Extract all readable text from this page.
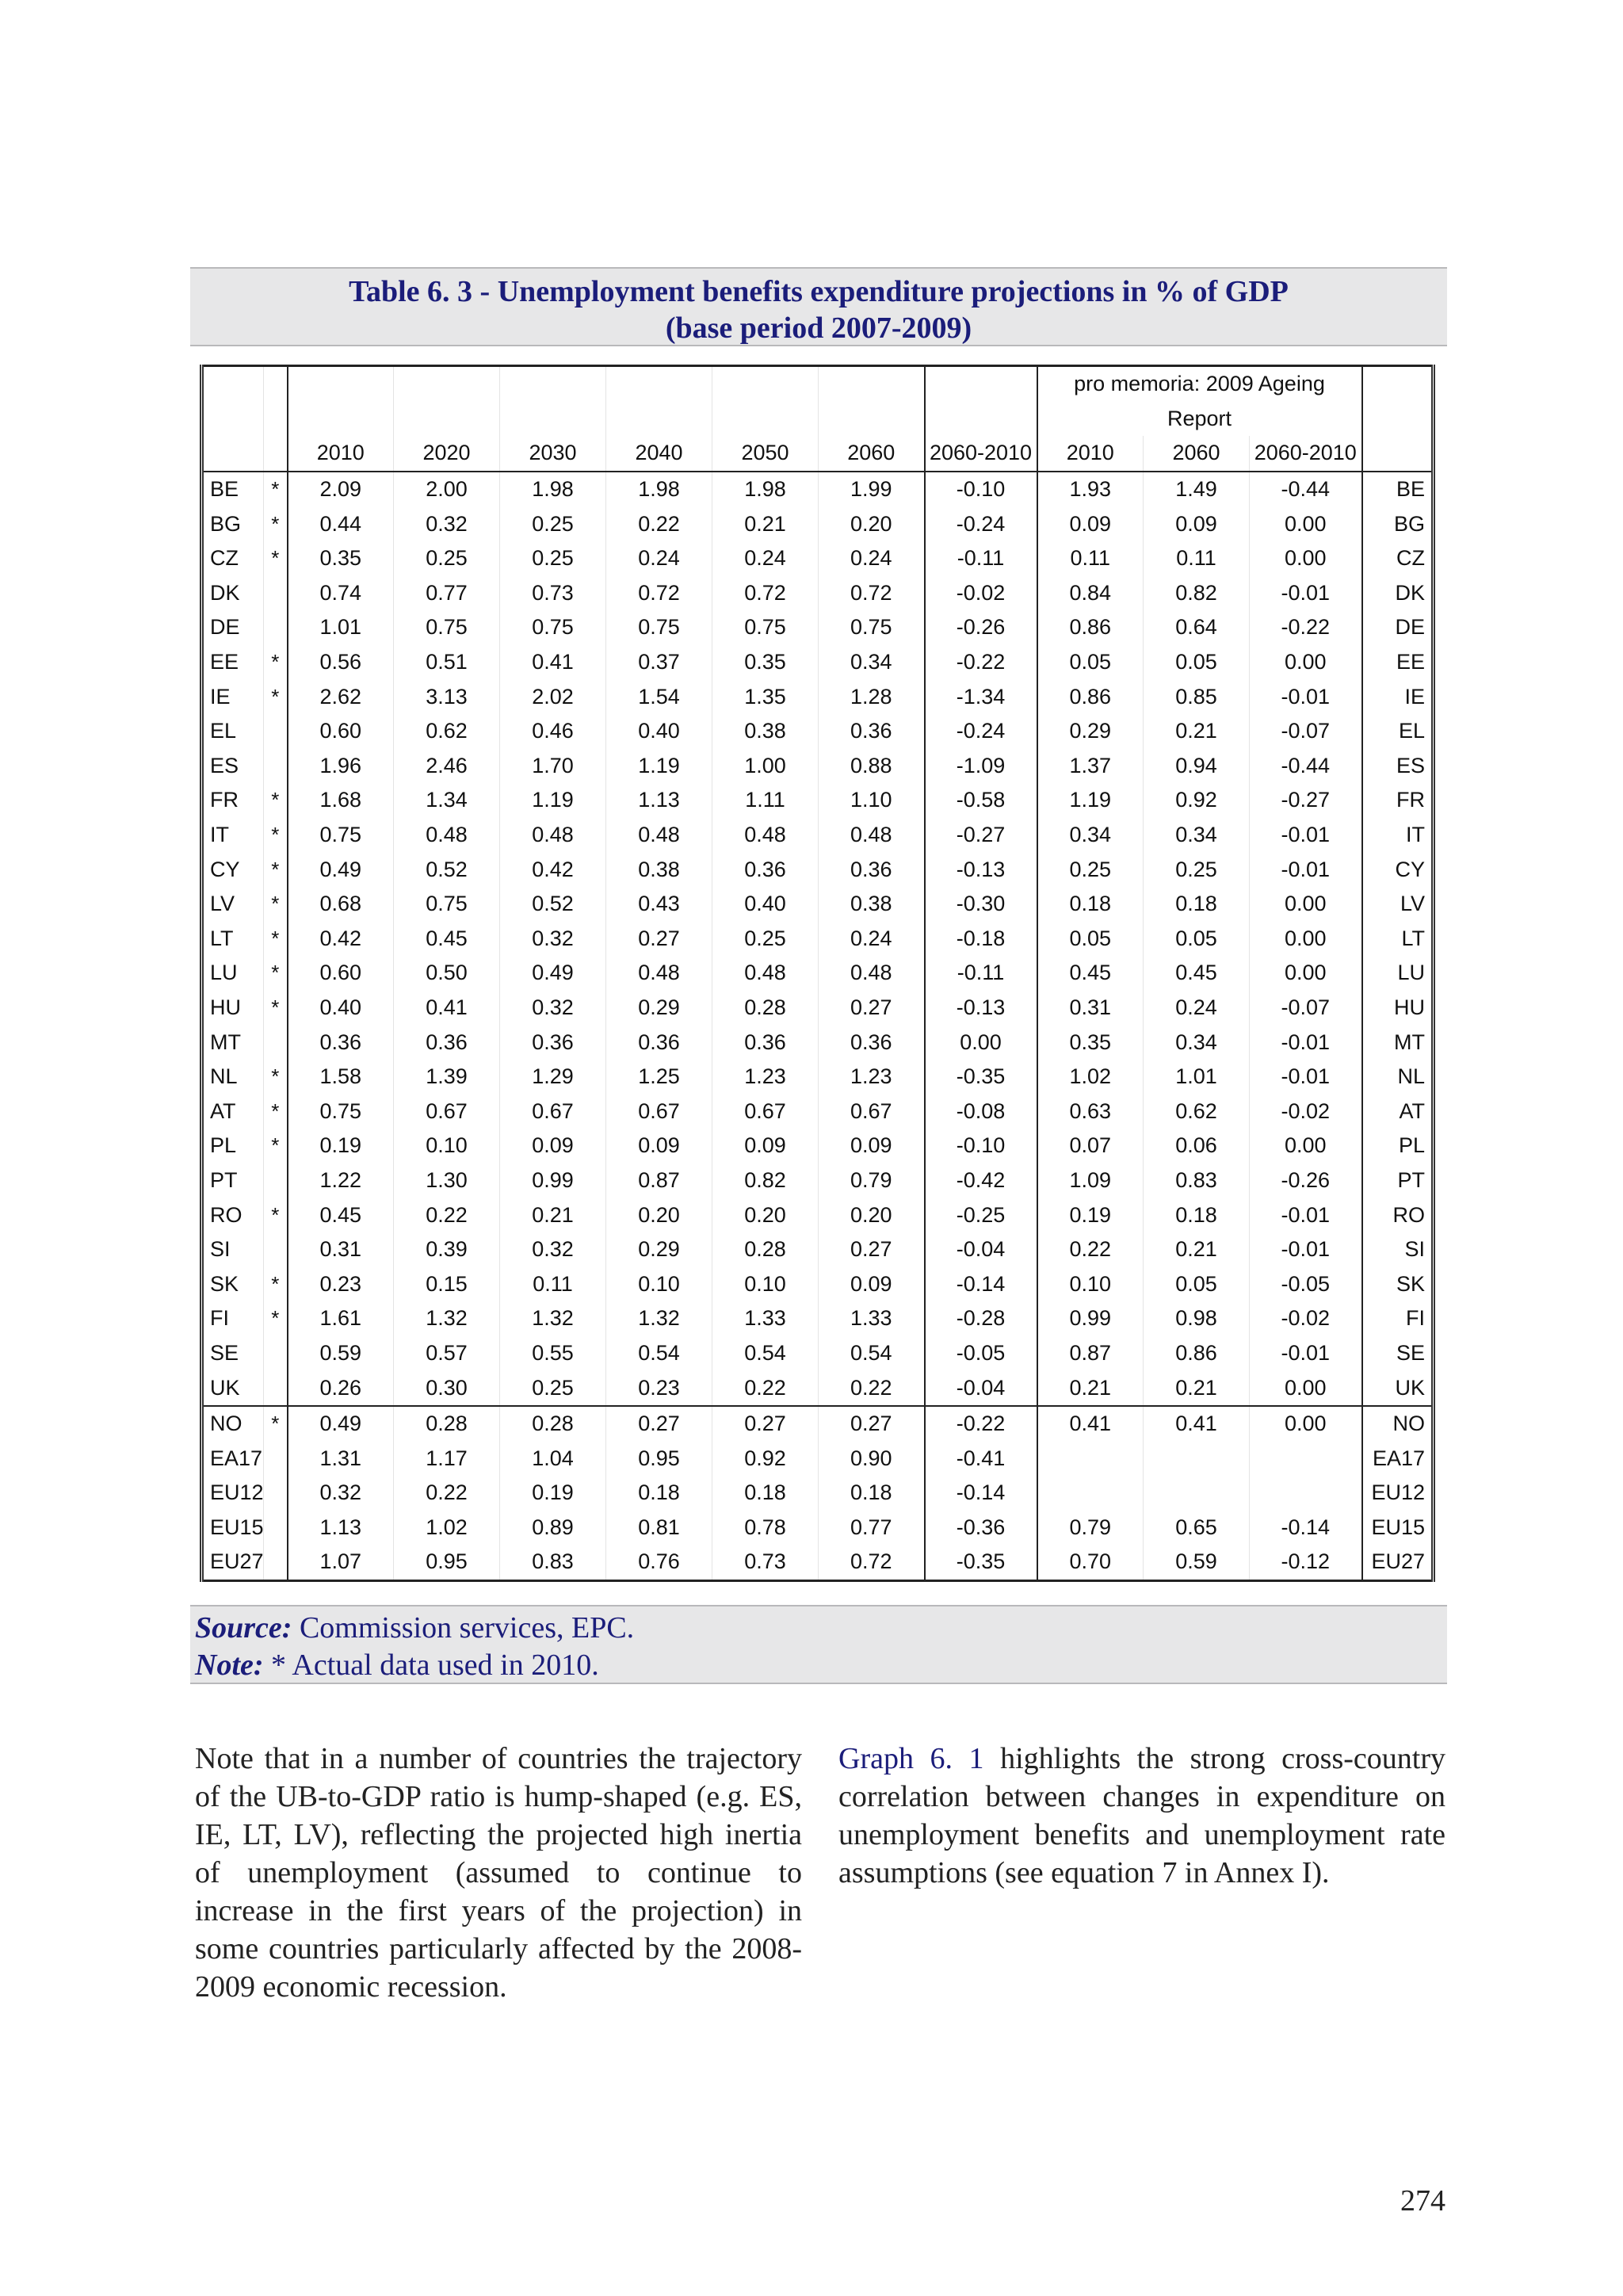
Table 6. 3 - Unemployment benefits expenditure projections in % of GDP
(base period 2007-2009)
									pro memoria: 2009 Ageing			
									Report			
		2010	2020	2030	2040	2050	2060	2060-2010	2010	2060	2060-2010	
BE	*	2.09	2.00	1.98	1.98	1.98	1.99	-0.10	1.93	1.49	-0.44	BE
BG	*	0.44	0.32	0.25	0.22	0.21	0.20	-0.24	0.09	0.09	0.00	BG
CZ	*	0.35	0.25	0.25	0.24	0.24	0.24	-0.11	0.11	0.11	0.00	CZ
DK		0.74	0.77	0.73	0.72	0.72	0.72	-0.02	0.84	0.82	-0.01	DK
DE		1.01	0.75	0.75	0.75	0.75	0.75	-0.26	0.86	0.64	-0.22	DE
EE	*	0.56	0.51	0.41	0.37	0.35	0.34	-0.22	0.05	0.05	0.00	EE
IE	*	2.62	3.13	2.02	1.54	1.35	1.28	-1.34	0.86	0.85	-0.01	IE
EL		0.60	0.62	0.46	0.40	0.38	0.36	-0.24	0.29	0.21	-0.07	EL
ES		1.96	2.46	1.70	1.19	1.00	0.88	-1.09	1.37	0.94	-0.44	ES
FR	*	1.68	1.34	1.19	1.13	1.11	1.10	-0.58	1.19	0.92	-0.27	FR
IT	*	0.75	0.48	0.48	0.48	0.48	0.48	-0.27	0.34	0.34	-0.01	IT
CY	*	0.49	0.52	0.42	0.38	0.36	0.36	-0.13	0.25	0.25	-0.01	CY
LV	*	0.68	0.75	0.52	0.43	0.40	0.38	-0.30	0.18	0.18	0.00	LV
LT	*	0.42	0.45	0.32	0.27	0.25	0.24	-0.18	0.05	0.05	0.00	LT
LU	*	0.60	0.50	0.49	0.48	0.48	0.48	-0.11	0.45	0.45	0.00	LU
HU	*	0.40	0.41	0.32	0.29	0.28	0.27	-0.13	0.31	0.24	-0.07	HU
MT		0.36	0.36	0.36	0.36	0.36	0.36	0.00	0.35	0.34	-0.01	MT
NL	*	1.58	1.39	1.29	1.25	1.23	1.23	-0.35	1.02	1.01	-0.01	NL
AT	*	0.75	0.67	0.67	0.67	0.67	0.67	-0.08	0.63	0.62	-0.02	AT
PL	*	0.19	0.10	0.09	0.09	0.09	0.09	-0.10	0.07	0.06	0.00	PL
PT		1.22	1.30	0.99	0.87	0.82	0.79	-0.42	1.09	0.83	-0.26	PT
RO	*	0.45	0.22	0.21	0.20	0.20	0.20	-0.25	0.19	0.18	-0.01	RO
SI		0.31	0.39	0.32	0.29	0.28	0.27	-0.04	0.22	0.21	-0.01	SI
SK	*	0.23	0.15	0.11	0.10	0.10	0.09	-0.14	0.10	0.05	-0.05	SK
FI	*	1.61	1.32	1.32	1.32	1.33	1.33	-0.28	0.99	0.98	-0.02	FI
SE		0.59	0.57	0.55	0.54	0.54	0.54	-0.05	0.87	0.86	-0.01	SE
UK		0.26	0.30	0.25	0.23	0.22	0.22	-0.04	0.21	0.21	0.00	UK
NO	*	0.49	0.28	0.28	0.27	0.27	0.27	-0.22	0.41	0.41	0.00	NO
EA17		1.31	1.17	1.04	0.95	0.92	0.90	-0.41				EA17
EU12		0.32	0.22	0.19	0.18	0.18	0.18	-0.14				EU12
EU15		1.13	1.02	0.89	0.81	0.78	0.77	-0.36	0.79	0.65	-0.14	EU15
EU27		1.07	0.95	0.83	0.76	0.73	0.72	-0.35	0.70	0.59	-0.12	EU27
Source: Commission services, EPC.
Note: * Actual data used in 2010.
Note that in a number of countries the trajectory of the UB-to-GDP ratio is hump-shaped (e.g. ES, IE, LT, LV), reflecting the projected high inertia of unemployment (assumed to continue to increase in the first years of the projection) in some countries particularly affected by the 2008-2009 economic recession.
Graph 6. 1 highlights the strong cross-country correlation between changes in expenditure on unemployment benefits and unemployment rate assumptions (see equation 7 in Annex I).
274
